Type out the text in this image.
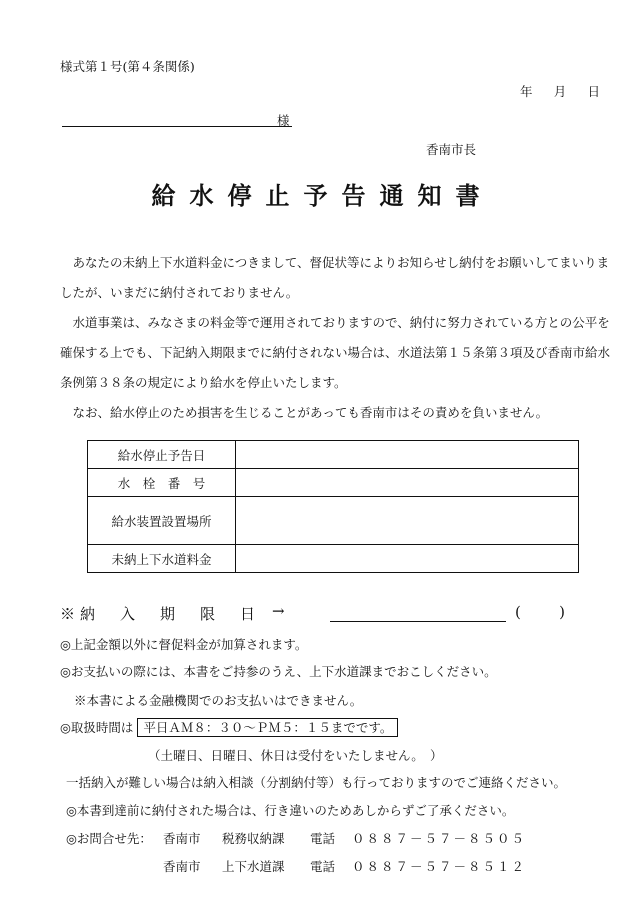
様式第１号(第４条関係)
年 月 日
様
香南市長
給水停止予告通知書

あなたの未納上下水道料金につきまして、督促状等によりお知らせし納付をお願いしてまいりましたが、いまだに納付されておりません。

水道事業は、みなさまの料金等で運用されておりますので、納付に努力されている方との公平を確保する上でも、下記納入期限までに納付されない場合は、水道法第１５条第３項及び香南市給水条例第３８条の規定により給水を停止いたします。

なお、給水停止のため損害を生じることがあっても香南市はその責めを負いません。

給水停止予告日	
水　栓　番　号	
給水装置設置場所	
未納上下水道料金	
※納　入　期　限　日 →	(	)
◎上記金額以外に督促料金が加算されます。
◎お支払いの際には、本書をご持参のうえ、上下水道課までおこしください。
※本書による金融機関でのお支払いはできません。
◎取扱時間は 平日ＡＭ８：３０～ＰＭ５：１５までです。
（土曜日、日曜日、休日は受付をいたしません。　）
一括納入が難しい場合は納入相談（分割納付等）も行っておりますのでご連絡ください。
◎本書到達前に納付された場合は、行き違いのためあしからずご了承ください。
◎お問合せ先： 香南市 税務収納課 電話 ０８８７－５７－８５０５
香南市 上下水道課 電話 ０８８７－５７－８５１２
